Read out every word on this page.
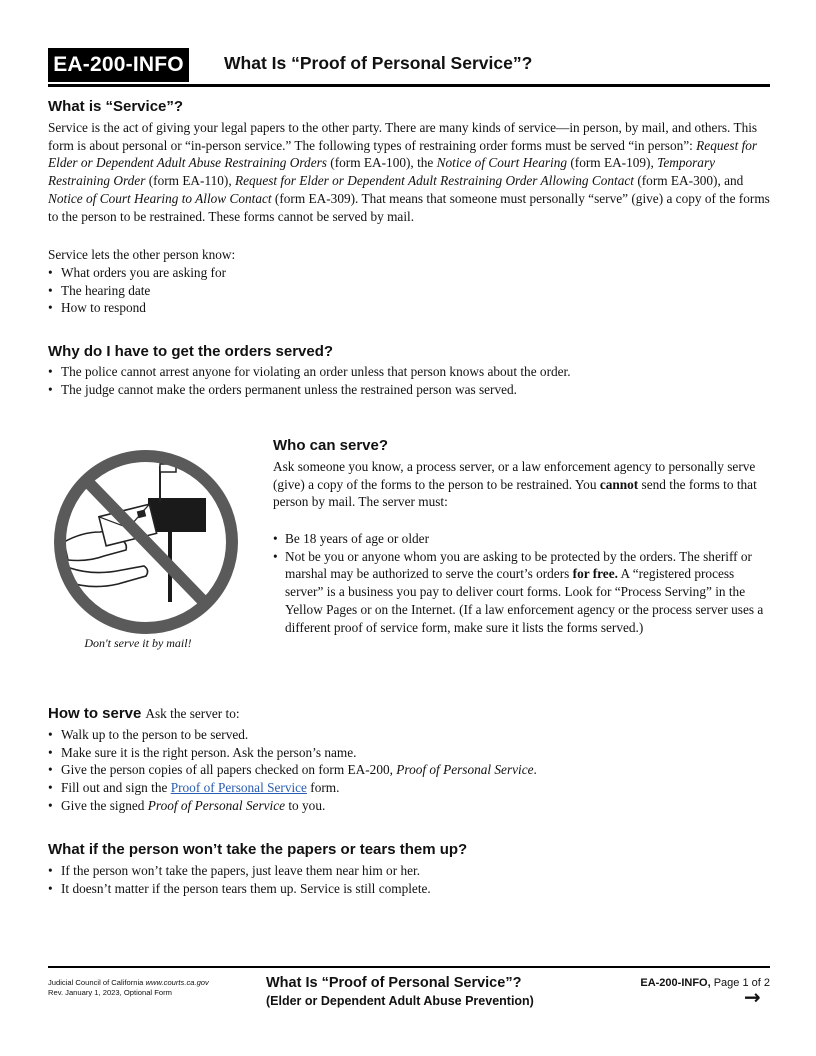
EA-200-INFO What Is “Proof of Personal Service”?
What is “Service”?

Service is the act of giving your legal papers to the other party. There are many kinds of service—in person, by mail, and others. This form is about personal or “in-person service.” The following types of restraining order forms must be served “in person”: Request for Elder or Dependent Adult Abuse Restraining Orders (form EA-100), the Notice of Court Hearing (form EA-109), Temporary Restraining Order (form EA-110), Request for Elder or Dependent Adult Restraining Order Allowing Contact (form EA-300), and Notice of Court Hearing to Allow Contact (form EA-309). That means that someone must personally “serve” (give) a copy of the forms to the person to be restrained. These forms cannot be served by mail.

Service lets the other person know:

• What orders you are asking for
• The hearing date
• How to respond
Why do I have to get the orders served?
• The police cannot arrest anyone for violating an order unless that person knows about the order.
• The judge cannot make the orders permanent unless the restrained person was served.
Don't serve it by mail!
Who can serve?

Ask someone you know, a process server, or a law enforcement agency to personally serve (give) a copy of the forms to the person to be restrained. You cannot send the forms to that person by mail. The server must:

• Be 18 years of age or older
• Not be you or anyone whom you are asking to be protected by the orders. The sheriff or marshal may be authorized to serve the court’s orders for free. A “registered process server” is a business you pay to deliver court forms. Look for “Process Serving” in the Yellow Pages or on the Internet. (If a law enforcement agency or the process server uses a different proof of service form, make sure it lists the forms served.)
How to serve Ask the server to:
• Walk up to the person to be served.
• Make sure it is the right person. Ask the person’s name.
• Give the person copies of all papers checked on form EA-200, Proof of Personal Service.
• Fill out and sign the Proof of Personal Service form.
• Give the signed Proof of Personal Service to you.
What if the person won’t take the papers or tears them up?
• If the person won’t take the papers, just leave them near him or her.
• It doesn’t matter if the person tears them up. Service is still complete.
Judicial Council of California www.courts.ca.gov
Rev. January 1, 2023, Optional Form
What Is “Proof of Personal Service”?
(Elder or Dependent Adult Abuse Prevention)
EA-200-INFO, Page 1 of 2
→
